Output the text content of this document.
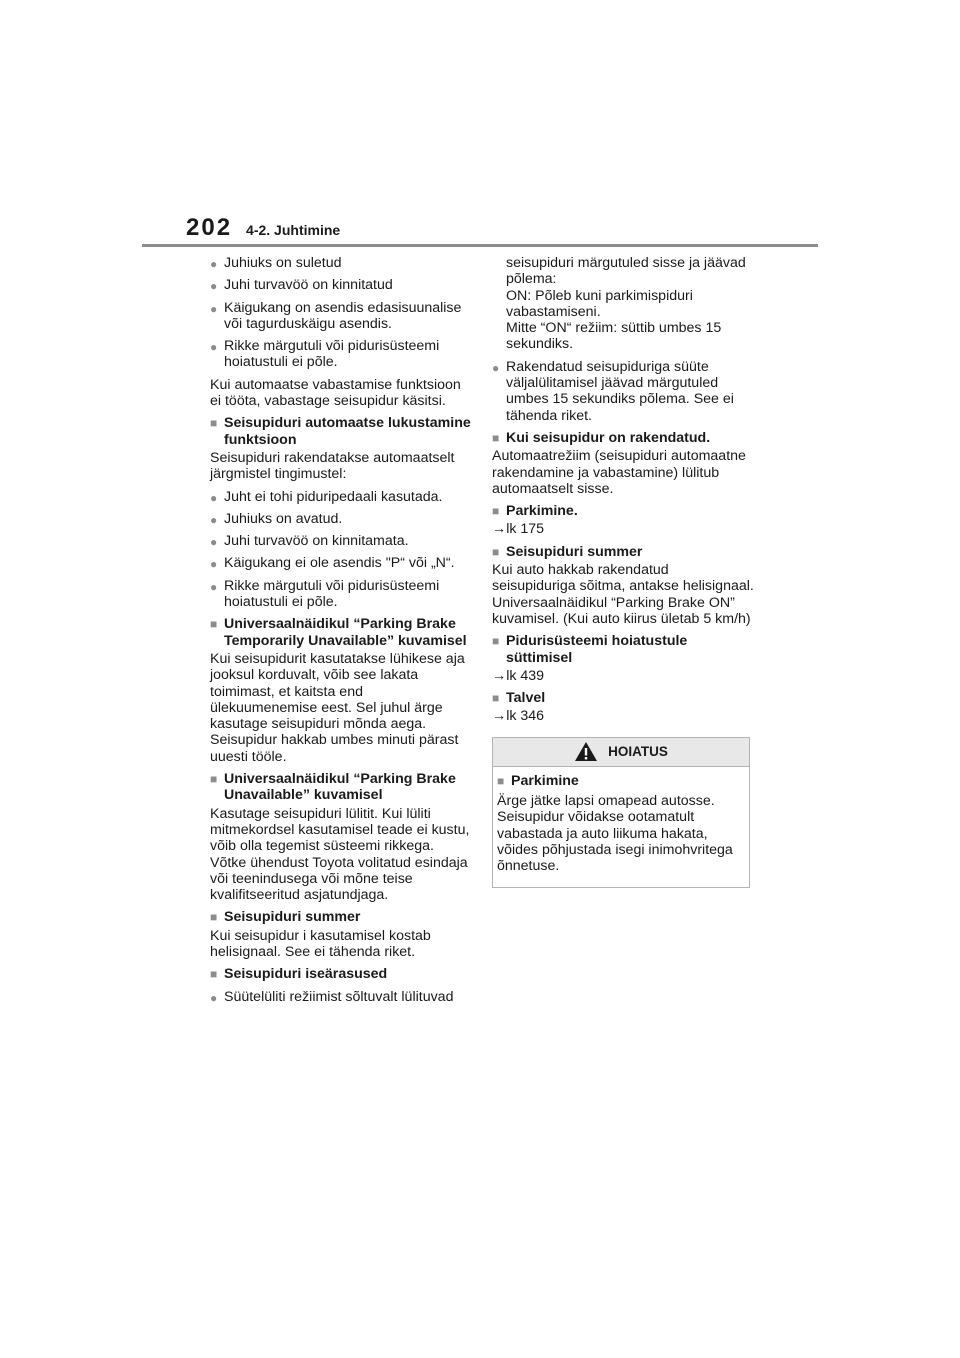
202 4-2. Juhtimine
● Juhiuks on suletud
● Juhi turvavöö on kinnitatud
● Käigukang on asendis edasisuunalise või tagurduskäigu asendis.
● Rikke märgutuli või pidurisüsteemi hoiatustuli ei põle.

Kui automaatse vabastamise funktsioon ei tööta, vabastage seisupidur käsitsi.

■ Seisupiduri automaatse lukustamine funktsioon

Seisupiduri rakendatakse automaatselt järgmistel tingimustel:

● Juht ei tohi piduripedaali kasutada.
● Juhiuks on avatud.
● Juhi turvavöö on kinnitamata.
● Käigukang ei ole asendis "P“ või „N“.
● Rikke märgutuli või pidurisüsteemi hoiatustuli ei põle.
■ Universaalnäidikul “Parking Brake Temporarily Unavailable” kuvamisel

Kui seisupidurit kasutatakse lühikese aja jooksul korduvalt, võib see lakata toimimast, et kaitsta end ülekuumenemise eest. Sel juhul ärge kasutage seisupiduri mõnda aega. Seisupidur hakkab umbes minuti pärast uuesti tööle.

■ Universaalnäidikul “Parking Brake Unavailable” kuvamisel

Kasutage seisupiduri lülitit. Kui lüliti mitmekordsel kasutamisel teade ei kustu, võib olla tegemist süsteemi rikkega. Võtke ühendust Toyota volitatud esindaja või teenindusega või mõne teise kvalifitseeritud asjatundjaga.

■ Seisupiduri summer

Kui seisupidur i kasutamisel kostab helisignaal. See ei tähenda riket.

■ Seisupiduri iseärasused
● Süütelüliti režiimist sõltuvalt lülituvad
seisupiduri märgutuled sisse ja jäävad põlema:
ON: Põleb kuni parkimispiduri vabastamiseni.
Mitte “ON“ režiim: süttib umbes 15 sekundiks.
● Rakendatud seisupiduriga süüte väljalülitamisel jäävad märgutuled umbes 15 sekundiks põlema. See ei tähenda riket.
■ Kui seisupidur on rakendatud.

Automaatrežiim (seisupiduri automaatne rakendamine ja vabastamine) lülitub automaatselt sisse.

■ Parkimine.

→lk 175

■ Seisupiduri summer

Kui auto hakkab rakendatud seisupiduriga sõitma, antakse helisignaal. Universaalnäidikul “Parking Brake ON” kuvamisel. (Kui auto kiirus ületab 5 km/h)

■ Pidurisüsteemi hoiatustule süttimisel

→lk 439

■ Talvel

→lk 346

HOIATUS
■ Parkimine

Ärge jätke lapsi omapead autosse. Seisupidur võidakse ootamatult vabastada ja auto liikuma hakata, võides põhjustada isegi inimohvritega õnnetuse.
